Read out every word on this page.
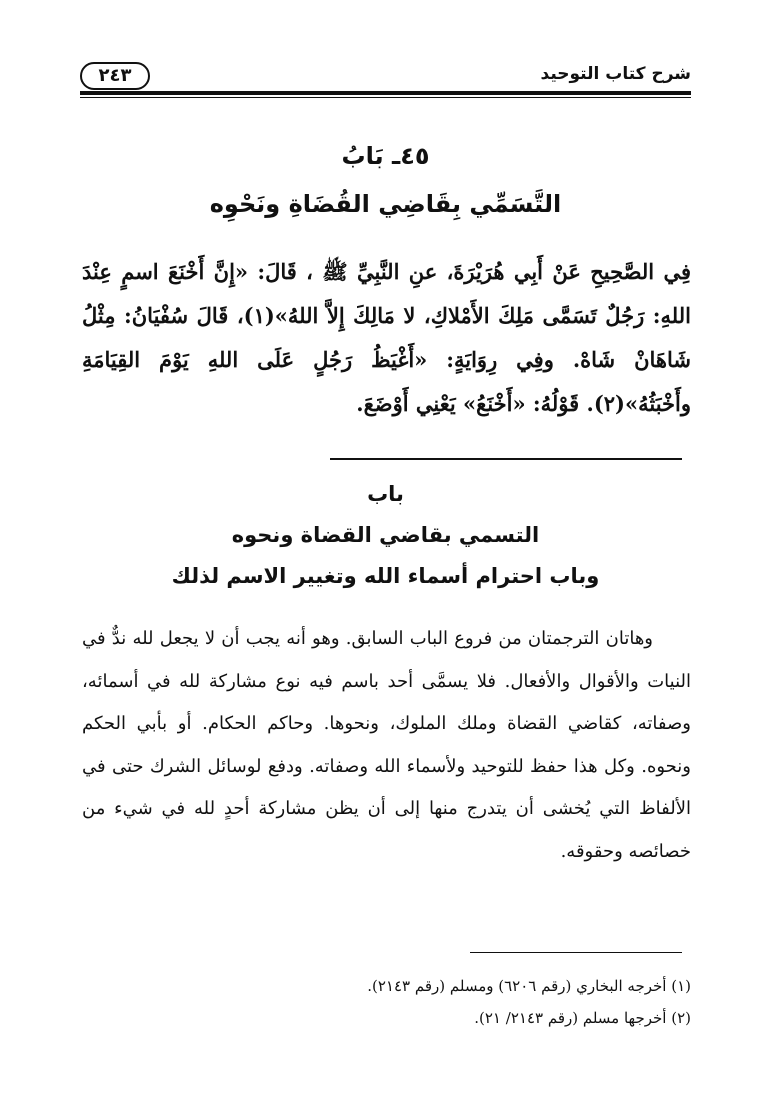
شرح كتاب التوحيد
٢٤٣
٤٥ـ بَابُ
التَّسَمِّي بِقَاضِي القُضَاةِ ونَحْوِه

فِي الصَّحِيحِ عَنْ أَبِي هُرَيْرَةَ، عنِ النَّبِيِّ ﷺ ، قَالَ: «إِنَّ أَخْنَعَ اسمٍ عِنْدَ اللهِ: رَجُلٌ تَسَمَّى مَلِكَ الأَمْلاكِ، لا مَالِكَ إِلاَّ اللهُ»(١)، قَالَ سُفْيَانُ: مِثْلُ شَاهَانْ شَاهْ. وفِي رِوَايَةٍ: «أَغْيَظُ رَجُلٍ عَلَى اللهِ يَوْمَ القِيَامَةِ وأَخْبَثُهُ»(٢). قَوْلُهُ: «أَخْنَعُ» يَعْنِي أَوْضَعَ.

باب
التسمي بقاضي القضاة ونحوه
وباب احترام أسماء الله وتغيير الاسم لذلك

وهاتان الترجمتان من فروع الباب السابق. وهو أنه يجب أن لا يجعل لله ندٌّ في النيات والأقوال والأفعال. فلا يسمَّى أحد باسم فيه نوع مشاركة لله في أسمائه، وصفاته، كقاضي القضاة وملك الملوك، ونحوها. وحاكم الحكام. أو بأبي الحكم ونحوه. وكل هذا حفظ للتوحيد ولأسماء الله وصفاته. ودفع لوسائل الشرك حتى في الألفاظ التي يُخشى أن يتدرج منها إلى أن يظن مشاركة أحدٍ لله في شيء من خصائصه وحقوقه.

(١) أخرجه البخاري (رقم ٦٢٠٦) ومسلم (رقم ٢١٤٣).
(٢) أخرجها مسلم (رقم ٢١٤٣/ ٢١).
